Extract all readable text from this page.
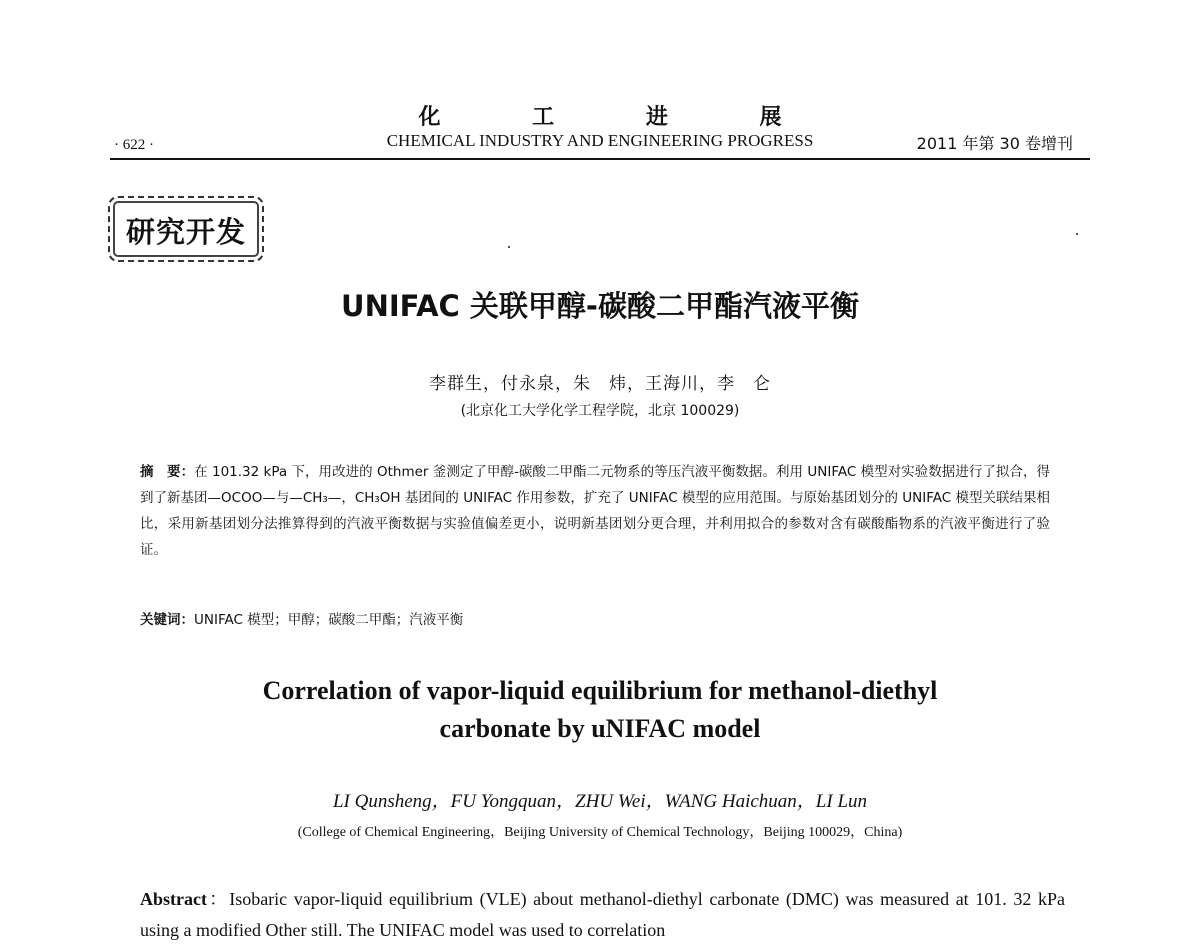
化 工 进 展
· 622 ·	CHEMICAL INDUSTRY AND ENGINEERING PROGRESS	2011 年第 30 卷增刊
研究开发
UNIFAC 关联甲醇-碳酸二甲酯汽液平衡
李群生，付永泉，朱　炜，王海川，李　仑
(北京化工大学化学工程学院，北京 100029)
摘　要：在 101.32 kPa 下，用改进的 Othmer 釜测定了甲醇-碳酸二甲酯二元物系的等压汽液平衡数据。利用 UNIFAC 模型对实验数据进行了拟合，得到了新基团—OCOO—与—CH₃—，CH₃OH 基团间的 UNIFAC 作用参数，扩充了 UNIFAC 模型的应用范围。与原始基团划分的 UNIFAC 模型关联结果相比，采用新基团划分法推算得到的汽液平衡数据与实验值偏差更小，说明新基团划分更合理，并利用拟合的参数对含有碳酸酯物系的汽液平衡进行了验证。
关键词：UNIFAC 模型；甲醇；碳酸二甲酯；汽液平衡
Correlation of vapor-liquid equilibrium for methanol-diethyl
carbonate by uNIFAC model
LI Qunsheng，FU Yongquan，ZHU Wei，WANG Haichuan，LI Lun
(College of Chemical Engineering，Beijing University of Chemical Technology，Beijing 100029，China)
Abstract：Isobaric vapor-liquid equilibrium (VLE) about methanol-diethyl carbonate (DMC) was measured at 101. 32 kPa using a modified Other still. The UNIFAC model was used to correlation
